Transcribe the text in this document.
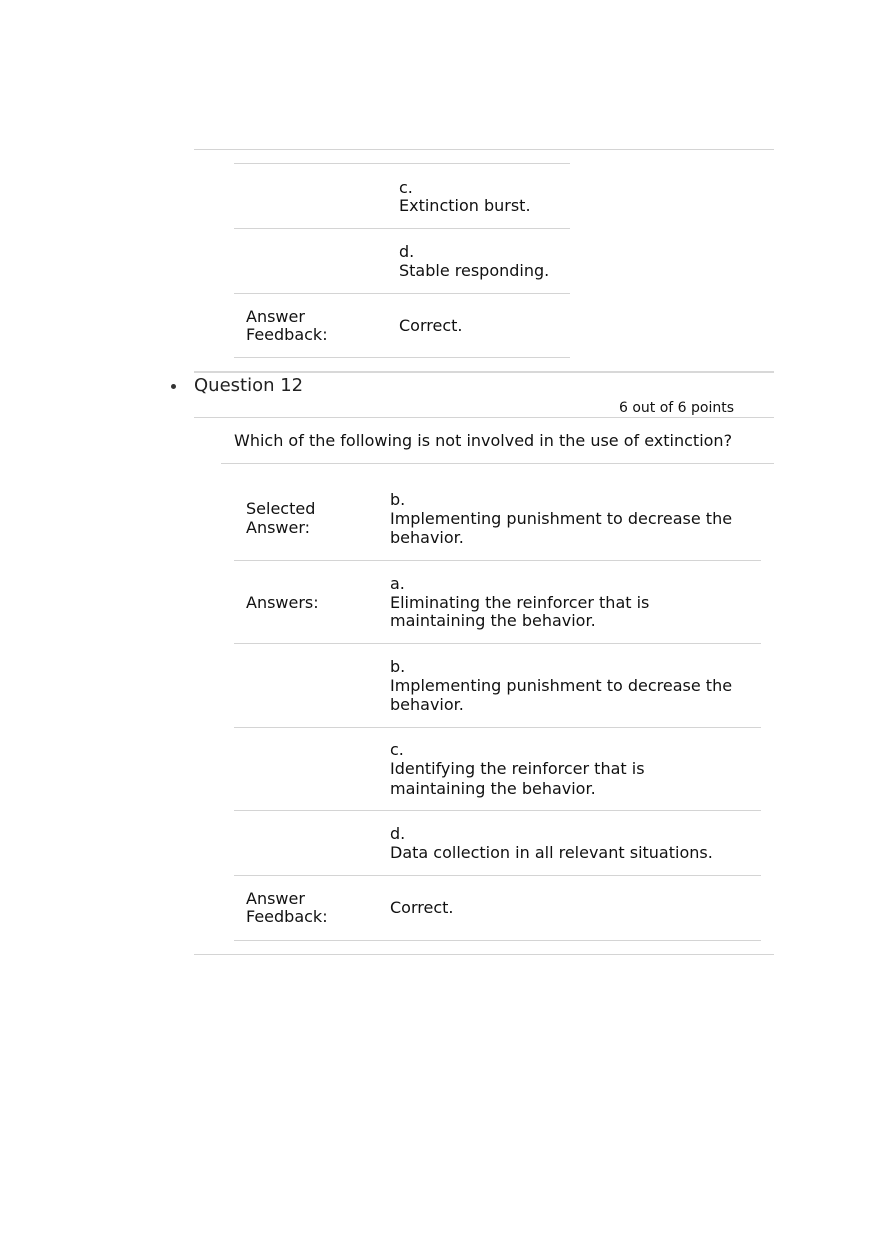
c.
Extinction burst.
d.
Stable responding.
Answer
Feedback:	Correct.
Question 12
6 out of 6 points
Which of the following is not involved in the use of extinction?
Selected
Answer:
b.
Implementing punishment to decrease the
behavior.
Answers:
a.
Eliminating the reinforcer that is
maintaining the behavior.
b.
Implementing punishment to decrease the
behavior.
c.
Identifying the reinforcer that is
maintaining the behavior.
d.
Data collection in all relevant situations.
Answer
Feedback:	Correct.
